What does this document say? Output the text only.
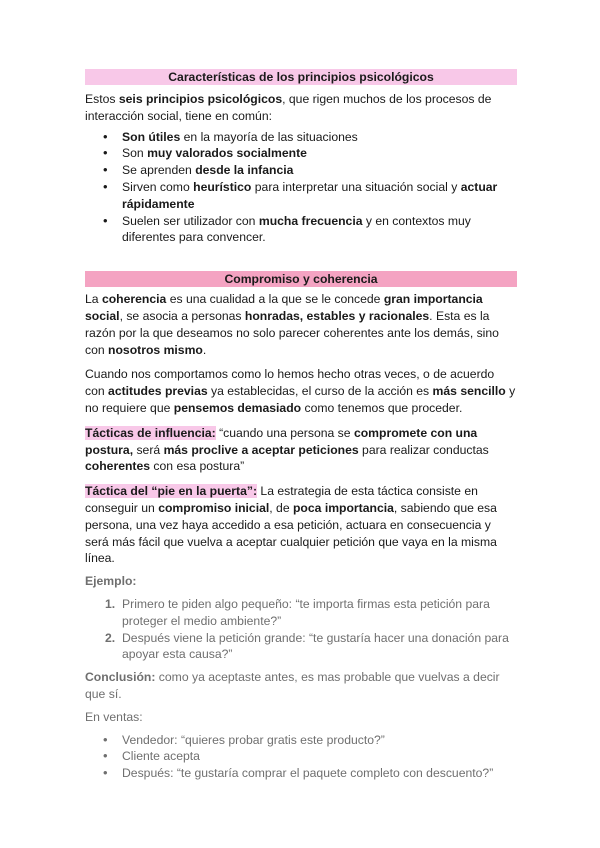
Características de los principios psicológicos

Estos seis principios psicológicos, que rigen muchos de los procesos de interacción social, tiene en común:

• Son útiles en la mayoría de las situaciones
• Son muy valorados socialmente
• Se aprenden desde la infancia
• Sirven como heurístico para interpretar una situación social y actuar rápidamente
• Suelen ser utilizador con mucha frecuencia y en contextos muy diferentes para convencer.
Compromiso y coherencia

La coherencia es una cualidad a la que se le concede gran importancia social, se asocia a personas honradas, estables y racionales. Esta es la razón por la que deseamos no solo parecer coherentes ante los demás, sino con nosotros mismo.

Cuando nos comportamos como lo hemos hecho otras veces, o de acuerdo con actitudes previas ya establecidas, el curso de la acción es más sencillo y no requiere que pensemos demasiado como tenemos que proceder.

Tácticas de influencia: “cuando una persona se compromete con una postura, será más proclive a aceptar peticiones para realizar conductas coherentes con esa postura”

Táctica del “pie en la puerta”: La estrategia de esta táctica consiste en conseguir un compromiso inicial, de poca importancia, sabiendo que esa persona, una vez haya accedido a esa petición, actuara en consecuencia y será más fácil que vuelva a aceptar cualquier petición que vaya en la misma línea.

Ejemplo:

1. Primero te piden algo pequeño: “te importa firmas esta petición para proteger el medio ambiente?”
2. Después viene la petición grande: “te gustaría hacer una donación para apoyar esta causa?”

Conclusión: como ya aceptaste antes, es mas probable que vuelvas a decir que sí.

En ventas:

• Vendedor: “quieres probar gratis este producto?”
• Cliente acepta
• Después: “te gustaría comprar el paquete completo con descuento?”
